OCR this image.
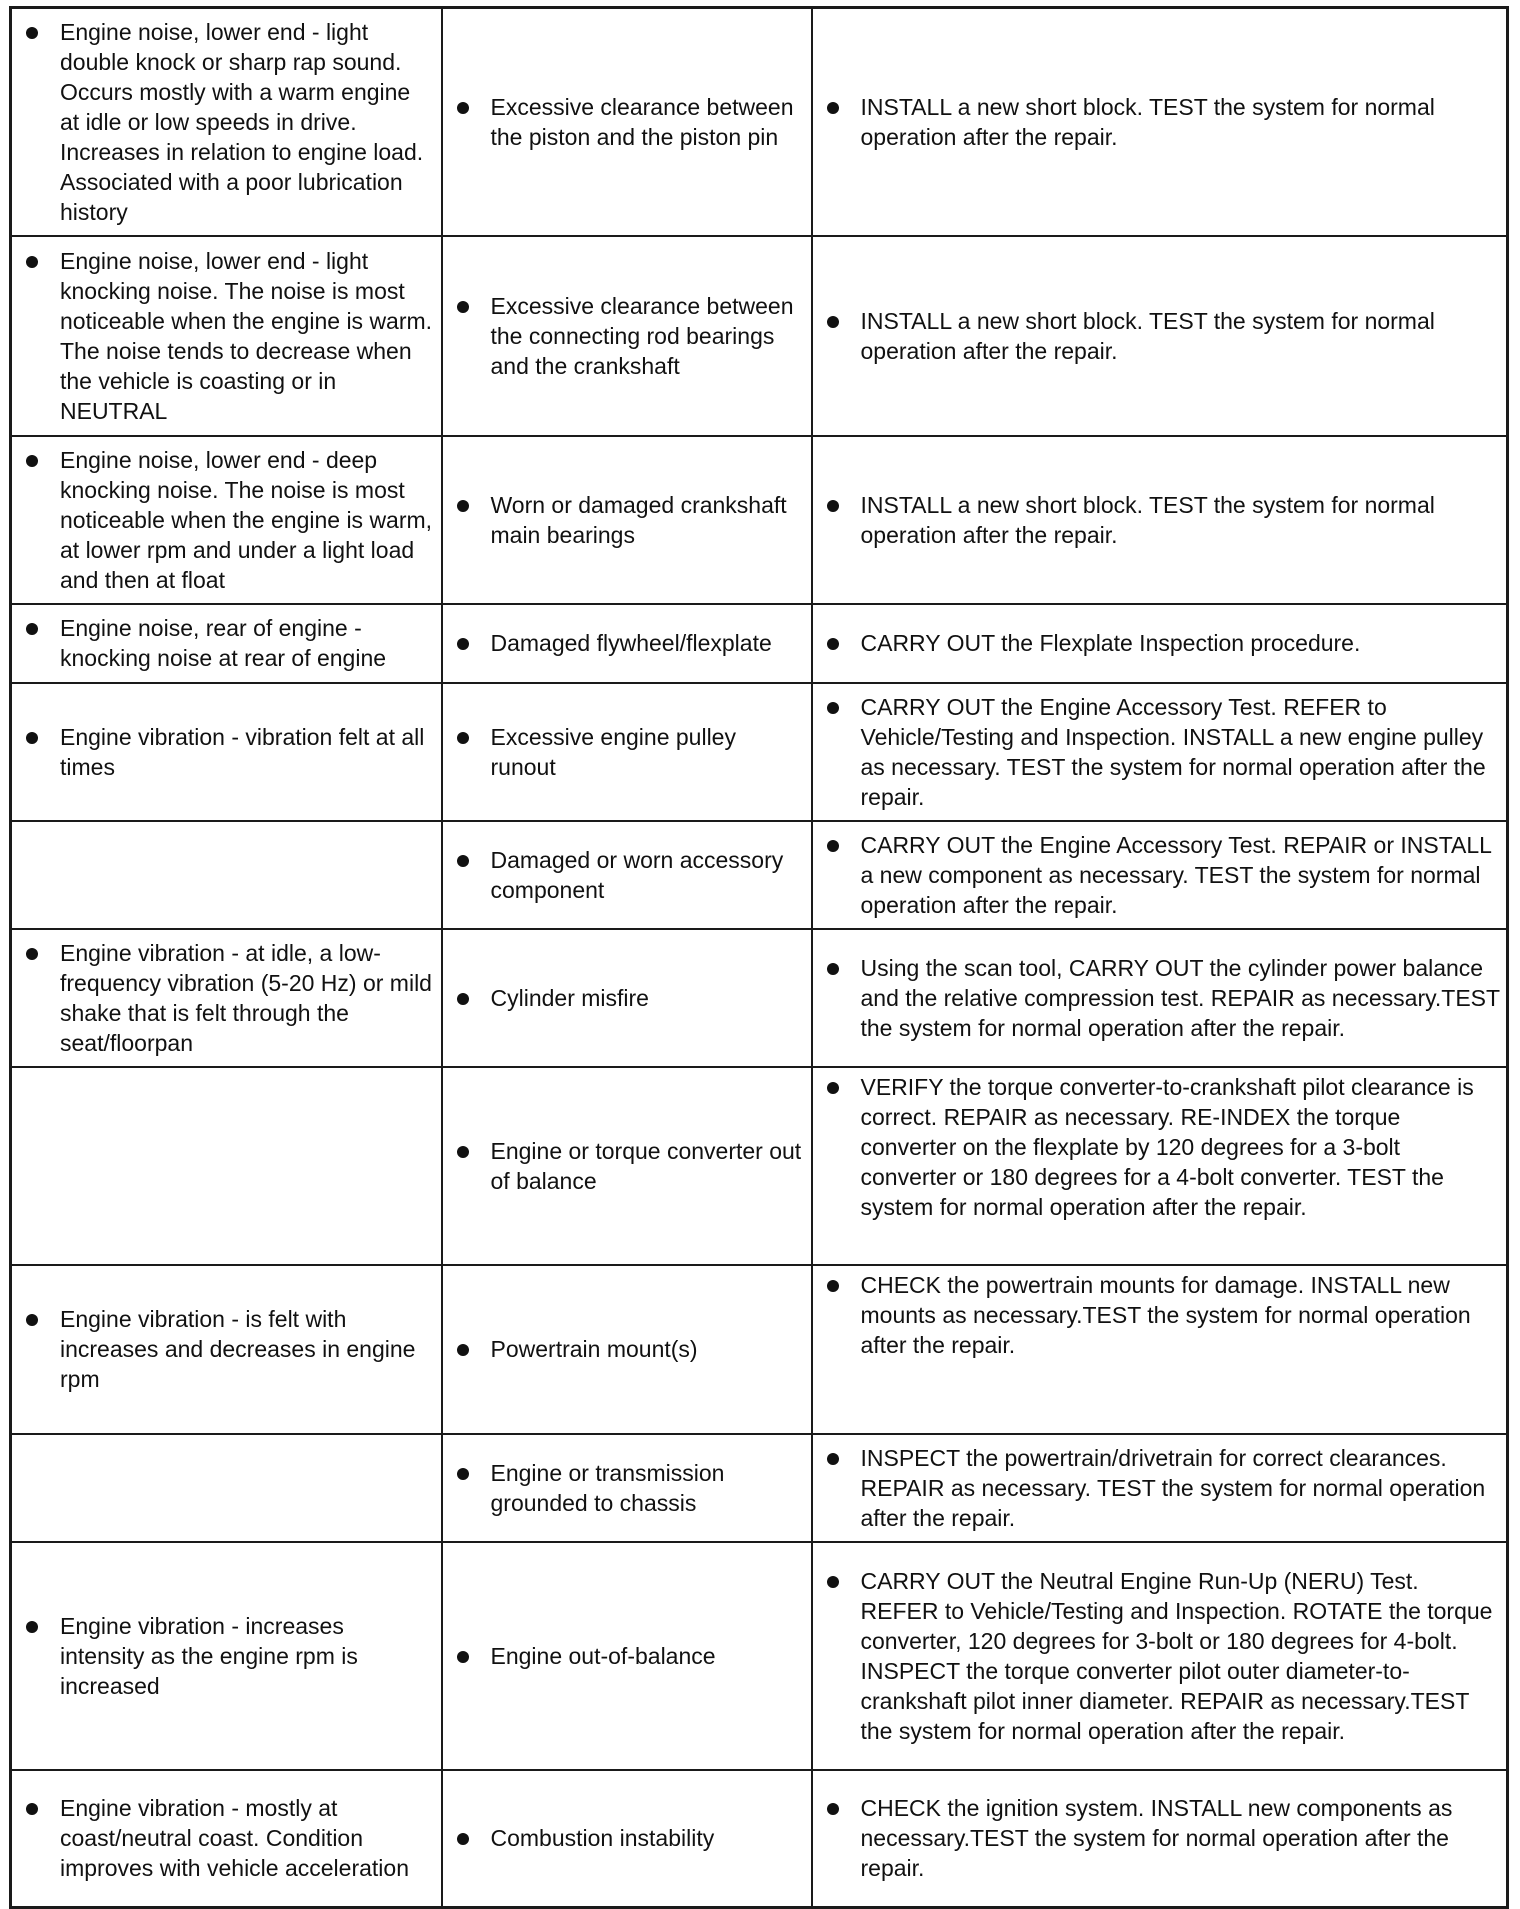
Engine noise, lower end - light double knock or sharp rap sound. Occurs mostly with a warm engine at idle or low speeds in drive. Increases in relation to engine load. Associated with a poor lubrication history	Excessive clearance between the piston and the piston pin	INSTALL a new short block. TEST the system for normal operation after the repair.

Engine noise, lower end - light knocking noise. The noise is most noticeable when the engine is warm. The noise tends to decrease when the vehicle is coasting or in NEUTRAL	Excessive clearance between the connecting rod bearings and the crankshaft	INSTALL a new short block. TEST the system for normal operation after the repair.

Engine noise, lower end - deep knocking noise. The noise is most noticeable when the engine is warm, at lower rpm and under a light load and then at float	Worn or damaged crankshaft main bearings	INSTALL a new short block. TEST the system for normal operation after the repair.

Engine noise, rear of engine - knocking noise at rear of engine	Damaged flywheel/flexplate	CARRY OUT the Flexplate Inspection procedure.

Engine vibration - vibration felt at all times	Excessive engine pulley runout	CARRY OUT the Engine Accessory Test. REFER to Vehicle/Testing and Inspection. INSTALL a new engine pulley as necessary. TEST the system for normal operation after the repair.

	Damaged or worn accessory component	CARRY OUT the Engine Accessory Test. REPAIR or INSTALL a new component as necessary. TEST the system for normal operation after the repair.

Engine vibration - at idle, a low-frequency vibration (5-20 Hz) or mild shake that is felt through the seat/floorpan	Cylinder misfire	Using the scan tool, CARRY OUT the cylinder power balance and the relative compression test. REPAIR as necessary.TEST the system for normal operation after the repair.

	Engine or torque converter out of balance	VERIFY the torque converter-to-crankshaft pilot clearance is correct. REPAIR as necessary. RE-INDEX the torque converter on the flexplate by 120 degrees for a 3-bolt converter or 180 degrees for a 4-bolt converter. TEST the system for normal operation after the repair.

Engine vibration - is felt with increases and decreases in engine rpm	Powertrain mount(s)	CHECK the powertrain mounts for damage. INSTALL new mounts as necessary.TEST the system for normal operation after the repair.

	Engine or transmission grounded to chassis	INSPECT the powertrain/drivetrain for correct clearances. REPAIR as necessary. TEST the system for normal operation after the repair.

Engine vibration - increases intensity as the engine rpm is increased	Engine out-of-balance	CARRY OUT the Neutral Engine Run-Up (NERU) Test. REFER to Vehicle/Testing and Inspection. ROTATE the torque converter, 120 degrees for 3-bolt or 180 degrees for 4-bolt. INSPECT the torque converter pilot outer diameter-to-crankshaft pilot inner diameter. REPAIR as necessary.TEST the system for normal operation after the repair.

Engine vibration - mostly at coast/neutral coast. Condition improves with vehicle acceleration	Combustion instability	CHECK the ignition system. INSTALL new components as necessary.TEST the system for normal operation after the repair.
